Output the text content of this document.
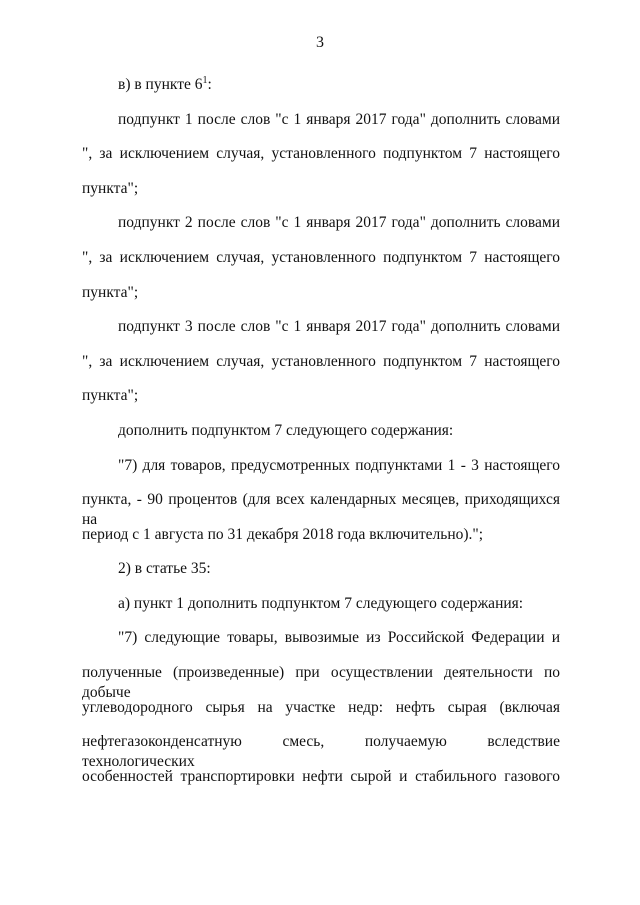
3
в) в пункте $6^1$:
подпункт 1 после слов "с 1 января 2017 года" дополнить словами
", за исключением случая, установленного подпунктом 7 настоящего
пункта";
подпункт 2 после слов "с 1 января 2017 года" дополнить словами
", за исключением случая, установленного подпунктом 7 настоящего
пункта";
подпункт 3 после слов "с 1 января 2017 года" дополнить словами
", за исключением случая, установленного подпунктом 7 настоящего
пункта";
дополнить подпунктом 7 следующего содержания:
"7) для товаров, предусмотренных подпунктами 1 - 3 настоящего
пункта, - 90 процентов (для всех календарных месяцев, приходящихся на
период с 1 августа по 31 декабря 2018 года включительно).";
2) в статье 35:
а) пункт 1 дополнить подпунктом 7 следующего содержания:
"7) следующие товары, вывозимые из Российской Федерации и
полученные (произведенные) при осуществлении деятельности по добыче
углеводородного сырья на участке недр: нефть сырая (включая
нефтегазоконденсатную смесь, получаемую вследствие технологических
особенностей транспортировки нефти сырой и стабильного газового
